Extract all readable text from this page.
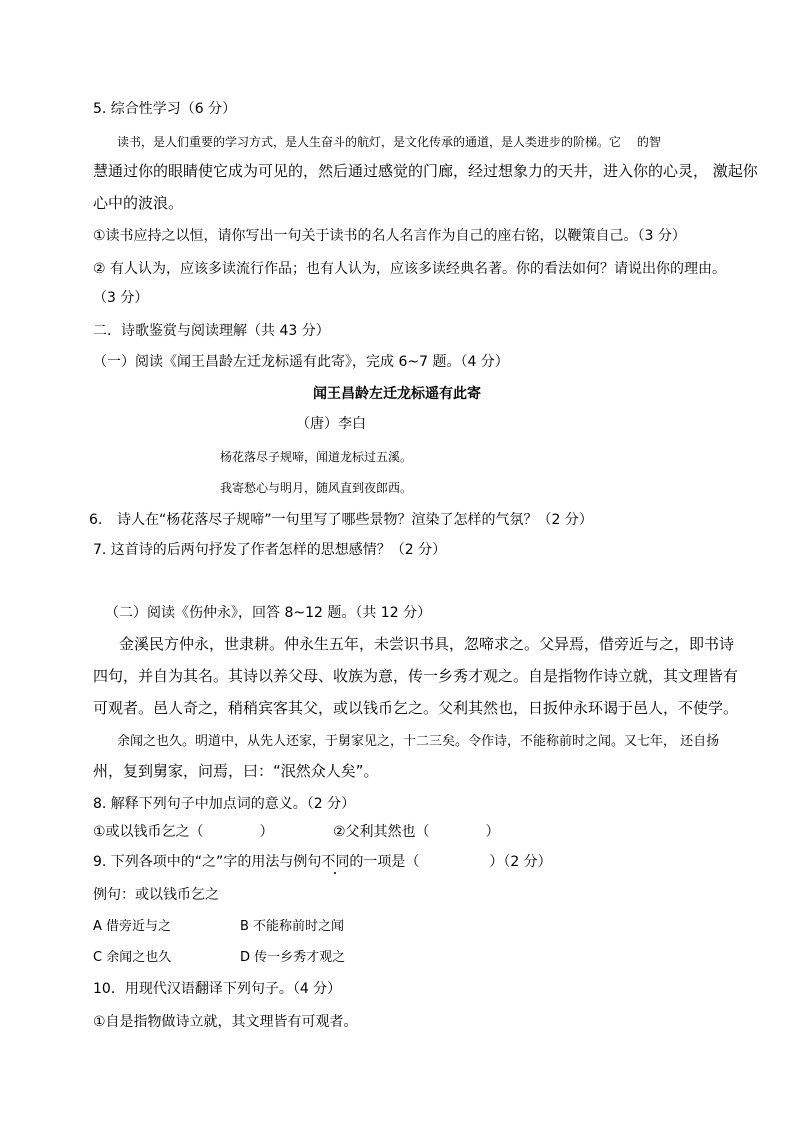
5. 综合性学习（6 分）
读书，是人们重要的学习方式，是人生奋斗的航灯，是文化传承的通道，是人类进步的阶梯。它　 的智
慧通过你的眼睛使它成为可见的，然后通过感觉的门廊，经过想象力的天井，进入你的心灵， 激起你
心中的波浪。
①读书应持之以恒，请你写出一句关于读书的名人名言作为自己的座右铭，以鞭策自己。（3 分）
② 有人认为，应该多读流行作品；也有人认为，应该多读经典名著。你的看法如何？请说出你的理由。
（3 分）
二．诗歌鉴赏与阅读理解（共 43 分）
（一）阅读《闻王昌龄左迁龙标遥有此寄》，完成 6~7 题。（4 分）
闻王昌龄左迁龙标遥有此寄
（唐）李白
杨花落尽子规啼，闻道龙标过五溪。
我寄愁心与明月，随风直到夜郎西。
6. 诗人在“杨花落尽子规啼”一句里写了哪些景物？渲染了怎样的气氛？（2 分）
7. 这首诗的后两句抒发了作者怎样的思想感情？（2 分）
（二）阅读《伤仲永》，回答 8~12 题。（共 12 分）
金溪民方仲永，世隶耕。仲永生五年，未尝识书具，忽啼求之。父异焉，借旁近与之，即书诗
四句，并自为其名。其诗以养父母、收族为意，传一乡秀才观之。自是指物作诗立就，其文理皆有
可观者。邑人奇之，稍稍宾客其父，或以钱币乞之。父利其然也，日扳仲永环谒于邑人，不使学。
余闻之也久。明道中，从先人还家，于舅家见之，十二三矣。令作诗，不能称前时之闻。又七年， 还自扬
州，复到舅家，问焉，曰：“泯然众人矣”。
8. 解释下列句子中加点词的意义。（2 分）
①或以钱币乞之（　　　　）	②父利其然也（　　　　）
9. 下列各项中的“之”字的用法与例句不同的一项是（　　　　　）（2 分）
例句：或以钱币乞之
A 借旁近与之	B 不能称前时之闻
C 余闻之也久	D 传一乡秀才观之
10．用现代汉语翻译下列句子。（4 分）
①自是指物做诗立就，其文理皆有可观者。
